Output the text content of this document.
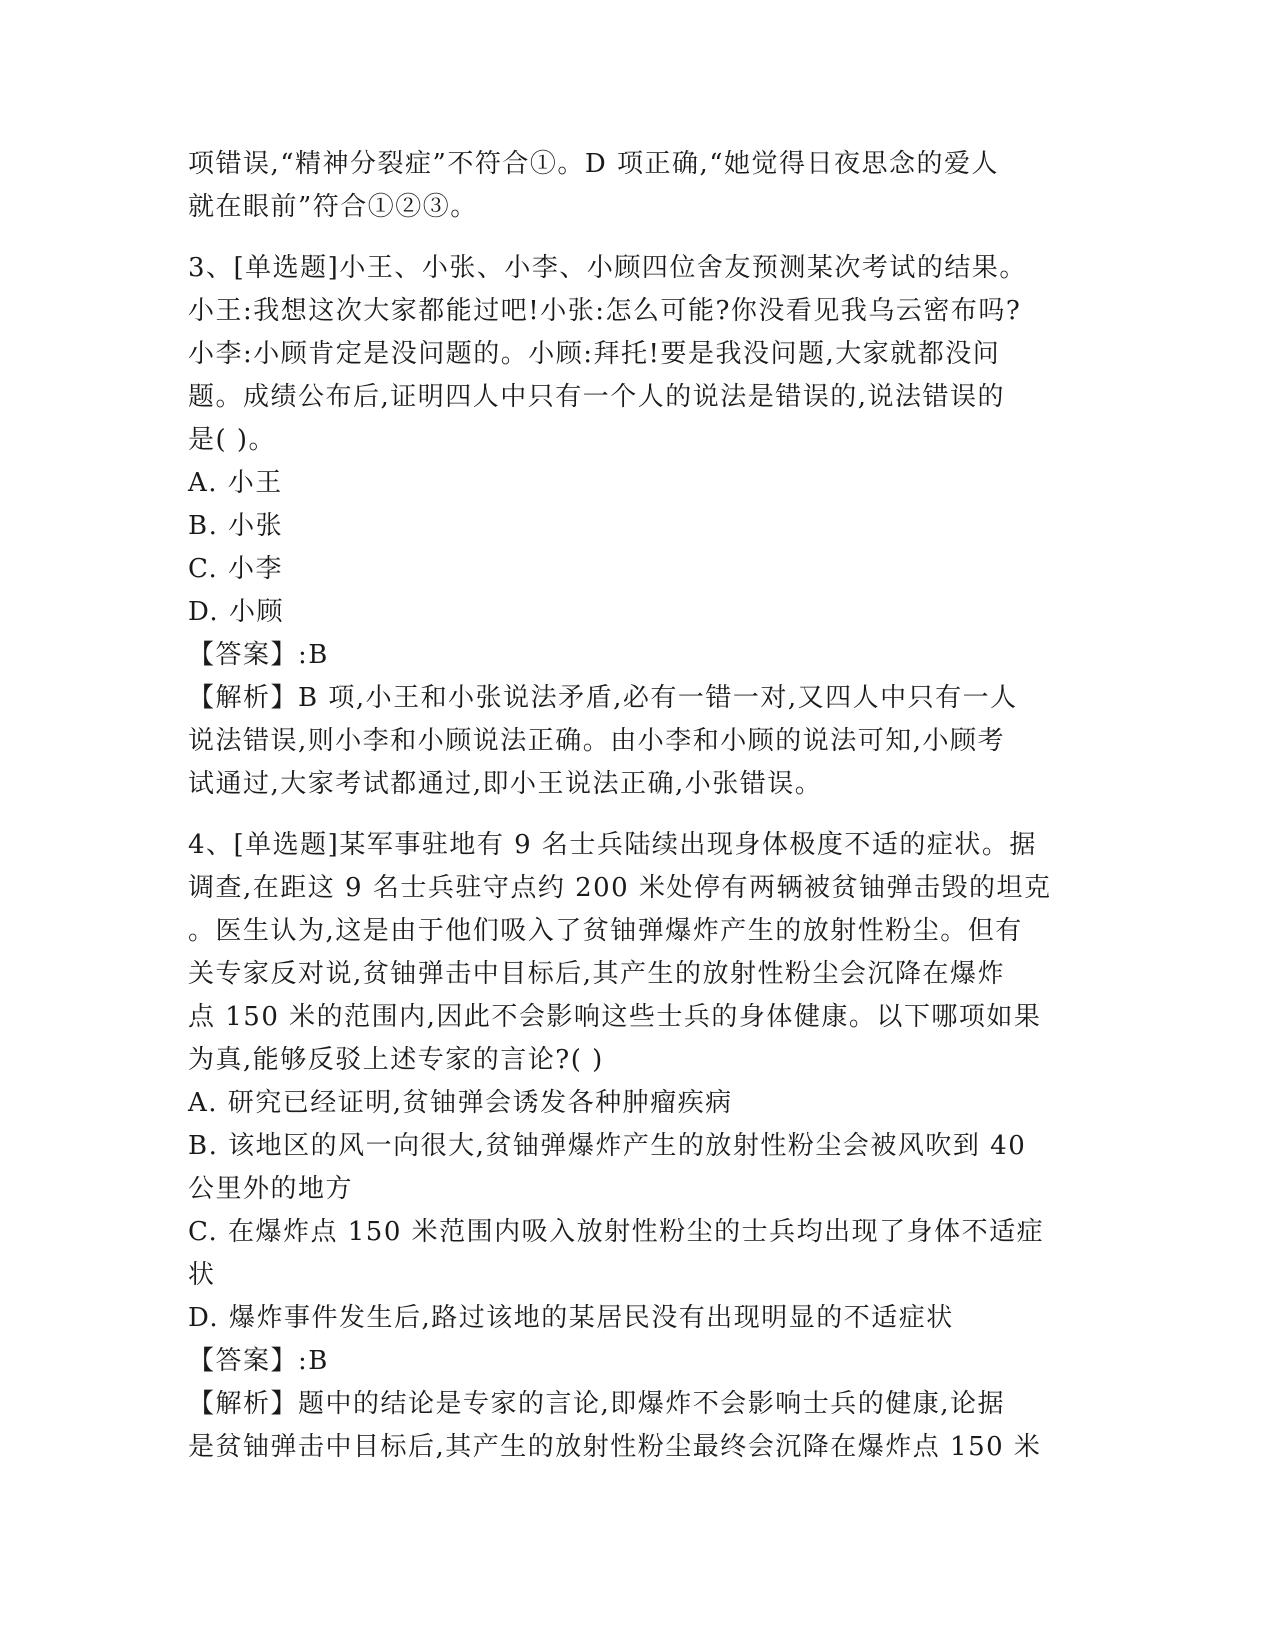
项错误,“精神分裂症”不符合①。D 项正确,“她觉得日夜思念的爱人
就在眼前”符合①②③。
3、[单选题]小王、小张、小李、小顾四位舍友预测某次考试的结果。
小王:我想这次大家都能过吧!小张:怎么可能?你没看见我乌云密布吗?
小李:小顾肯定是没问题的。小顾:拜托!要是我没问题,大家就都没问
题。成绩公布后,证明四人中只有一个人的说法是错误的,说法错误的
是( )。
A. 小王
B. 小张
C. 小李
D. 小顾
【答案】:B
【解析】B 项,小王和小张说法矛盾,必有一错一对,又四人中只有一人
说法错误,则小李和小顾说法正确。由小李和小顾的说法可知,小顾考
试通过,大家考试都通过,即小王说法正确,小张错误。
4、[单选题]某军事驻地有 9 名士兵陆续出现身体极度不适的症状。据
调查,在距这 9 名士兵驻守点约 200 米处停有两辆被贫铀弹击毁的坦克
。医生认为,这是由于他们吸入了贫铀弹爆炸产生的放射性粉尘。但有
关专家反对说,贫铀弹击中目标后,其产生的放射性粉尘会沉降在爆炸
点 150 米的范围内,因此不会影响这些士兵的身体健康。以下哪项如果
为真,能够反驳上述专家的言论?( )
A. 研究已经证明,贫铀弹会诱发各种肿瘤疾病
B. 该地区的风一向很大,贫铀弹爆炸产生的放射性粉尘会被风吹到 40
公里外的地方
C. 在爆炸点 150 米范围内吸入放射性粉尘的士兵均出现了身体不适症
状
D. 爆炸事件发生后,路过该地的某居民没有出现明显的不适症状
【答案】:B
【解析】题中的结论是专家的言论,即爆炸不会影响士兵的健康,论据
是贫铀弹击中目标后,其产生的放射性粉尘最终会沉降在爆炸点 150 米
